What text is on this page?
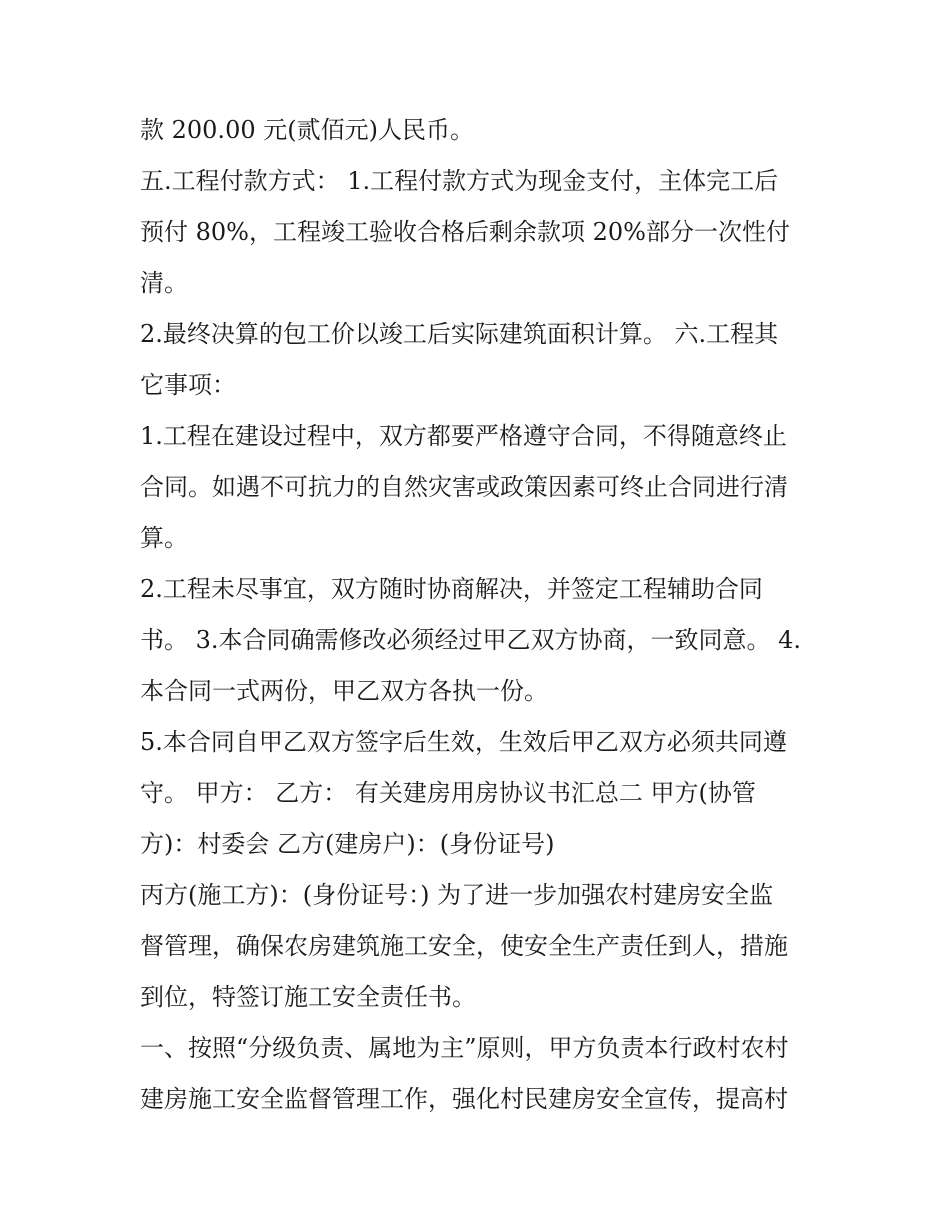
款 200.00 元(贰佰元)人民币。
五.工程付款方式： 1.工程付款方式为现金支付，主体完工后
预付 80%，工程竣工验收合格后剩余款项 20%部分一次性付
清。
2.最终决算的包工价以竣工后实际建筑面积计算。 六.工程其
它事项：
1.工程在建设过程中，双方都要严格遵守合同，不得随意终止
合同。如遇不可抗力的自然灾害或政策因素可终止合同进行清
算。
2.工程未尽事宜，双方随时协商解决，并签定工程辅助合同
书。 3.本合同确需修改必须经过甲乙双方协商，一致同意。 4.
本合同一式两份，甲乙双方各执一份。
5.本合同自甲乙双方签字后生效，生效后甲乙双方必须共同遵
守。 甲方： 乙方： 有关建房用房协议书汇总二 甲方(协管
方)：村委会 乙方(建房户)：(身份证号)
丙方(施工方)：(身份证号：) 为了进一步加强农村建房安全监
督管理，确保农房建筑施工安全，使安全生产责任到人，措施
到位，特签订施工安全责任书。
一、按照“分级负责、属地为主”原则，甲方负责本行政村农村
建房施工安全监督管理工作，强化村民建房安全宣传，提高村
